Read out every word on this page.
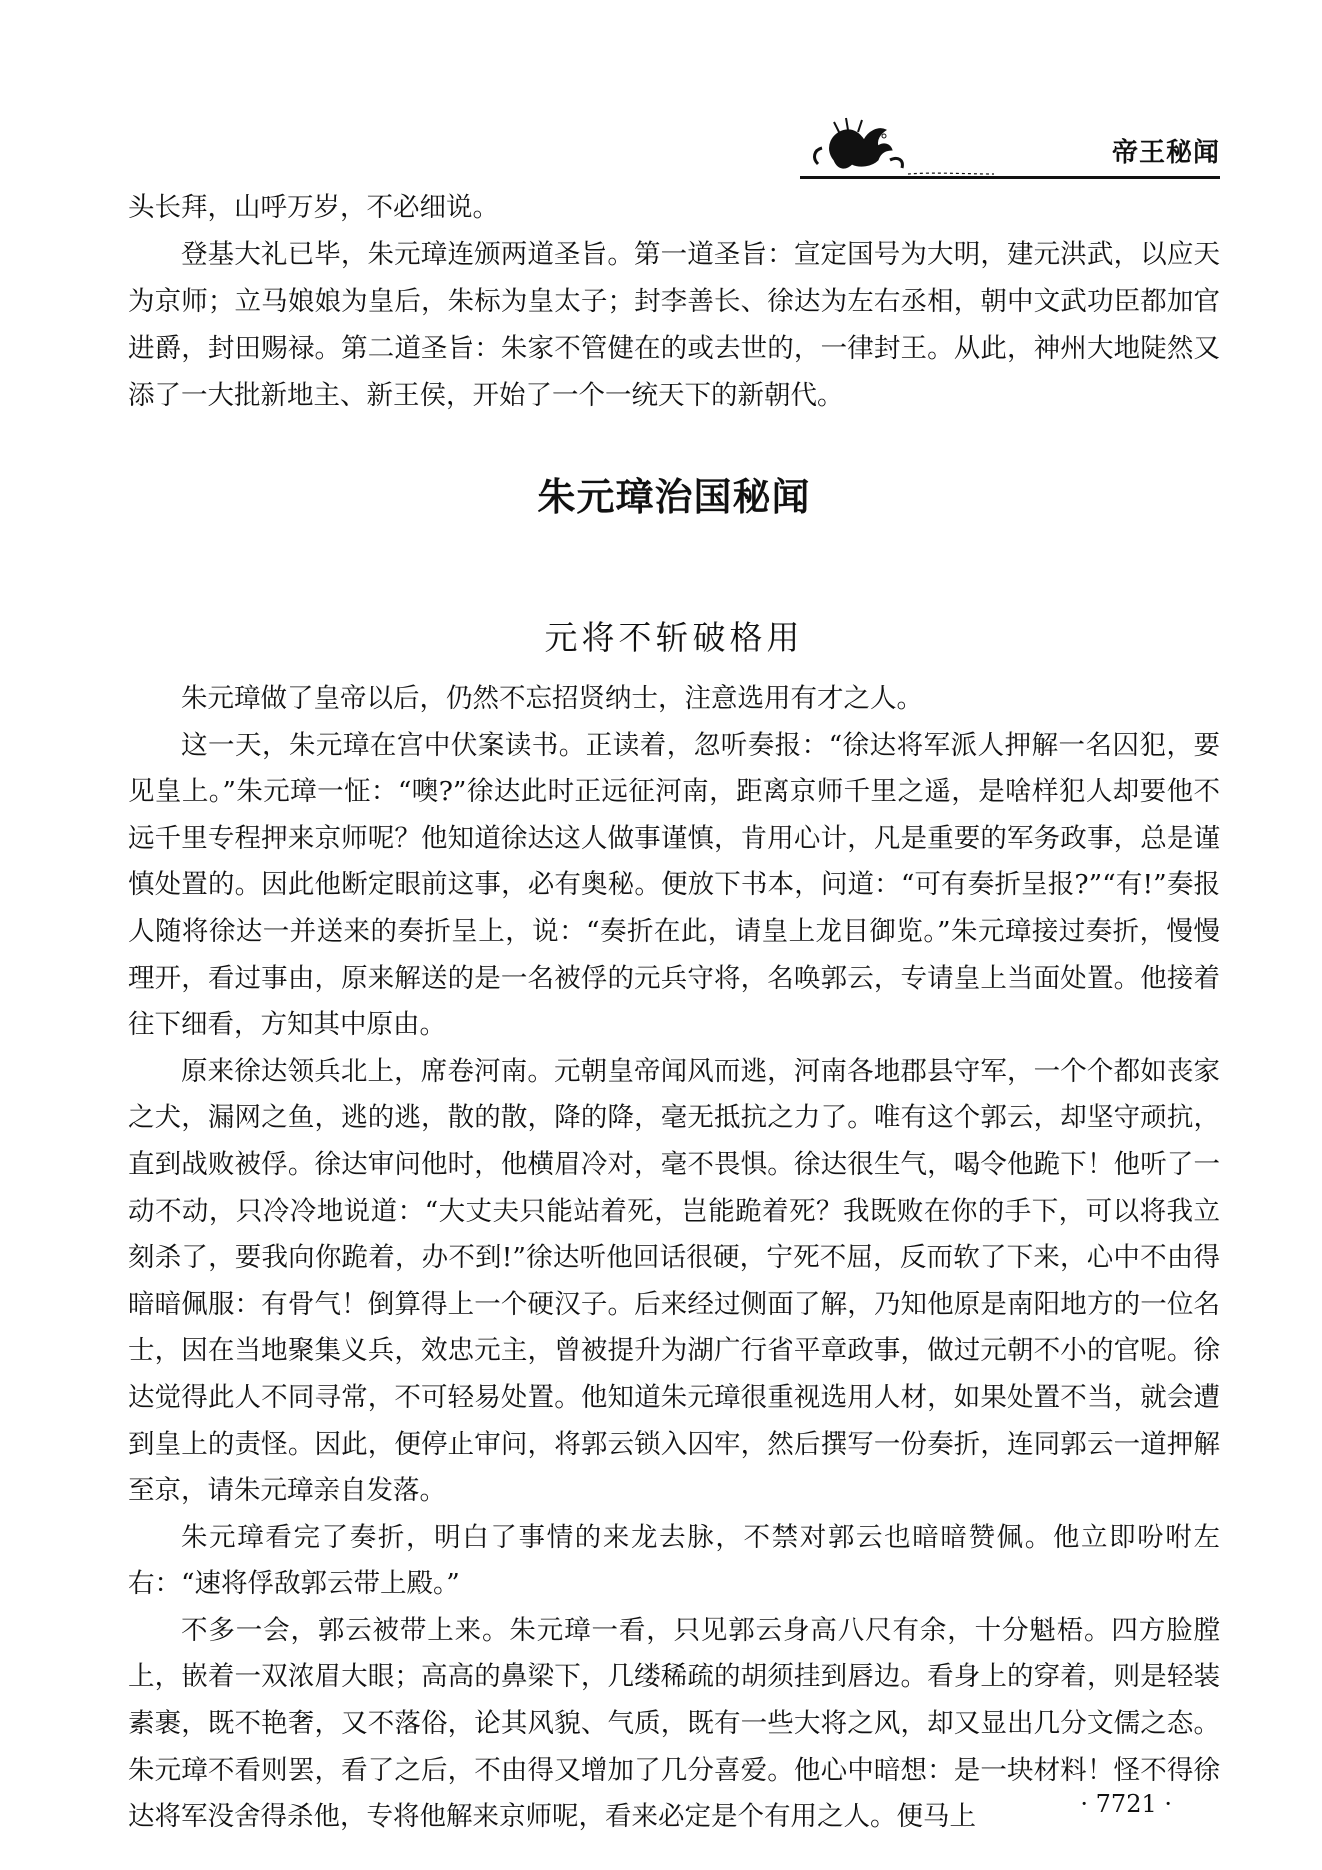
帝王秘闻

头长拜，山呼万岁，不必细说。

登基大礼已毕，朱元璋连颁两道圣旨。第一道圣旨：宣定国号为大明，建元洪武，以应天为京师；立马娘娘为皇后，朱标为皇太子；封李善长、徐达为左右丞相，朝中文武功臣都加官进爵，封田赐禄。第二道圣旨：朱家不管健在的或去世的，一律封王。从此，神州大地陡然又添了一大批新地主、新王侯，开始了一个一统天下的新朝代。

朱元璋治国秘闻
元将不斩破格用

朱元璋做了皇帝以后，仍然不忘招贤纳士，注意选用有才之人。

这一天，朱元璋在宫中伏案读书。正读着，忽听奏报：“徐达将军派人押解一名囚犯，要见皇上。”朱元璋一怔：“噢?”徐达此时正远征河南，距离京师千里之遥，是啥样犯人却要他不远千里专程押来京师呢？他知道徐达这人做事谨慎，肯用心计，凡是重要的军务政事，总是谨慎处置的。因此他断定眼前这事，必有奥秘。便放下书本，问道：“可有奏折呈报?”“有!”奏报人随将徐达一并送来的奏折呈上，说：“奏折在此，请皇上龙目御览。”朱元璋接过奏折，慢慢理开，看过事由，原来解送的是一名被俘的元兵守将，名唤郭云，专请皇上当面处置。他接着往下细看，方知其中原由。

原来徐达领兵北上，席卷河南。元朝皇帝闻风而逃，河南各地郡县守军，一个个都如丧家之犬，漏网之鱼，逃的逃，散的散，降的降，毫无抵抗之力了。唯有这个郭云，却坚守顽抗，直到战败被俘。徐达审问他时，他横眉冷对，毫不畏惧。徐达很生气，喝令他跪下！他听了一动不动，只冷冷地说道：“大丈夫只能站着死，岂能跪着死？我既败在你的手下，可以将我立刻杀了，要我向你跪着，办不到!”徐达听他回话很硬，宁死不屈，反而软了下来，心中不由得暗暗佩服：有骨气！倒算得上一个硬汉子。后来经过侧面了解，乃知他原是南阳地方的一位名士，因在当地聚集义兵，效忠元主，曾被提升为湖广行省平章政事，做过元朝不小的官呢。徐达觉得此人不同寻常，不可轻易处置。他知道朱元璋很重视选用人材，如果处置不当，就会遭到皇上的责怪。因此，便停止审问，将郭云锁入囚牢，然后撰写一份奏折，连同郭云一道押解至京，请朱元璋亲自发落。

朱元璋看完了奏折，明白了事情的来龙去脉，不禁对郭云也暗暗赞佩。他立即吩咐左右：“速将俘敌郭云带上殿。”

不多一会，郭云被带上来。朱元璋一看，只见郭云身高八尺有余，十分魁梧。四方脸膛上，嵌着一双浓眉大眼；高高的鼻梁下，几缕稀疏的胡须挂到唇边。看身上的穿着，则是轻装素裹，既不艳奢，又不落俗，论其风貌、气质，既有一些大将之风，却又显出几分文儒之态。朱元璋不看则罢，看了之后，不由得又增加了几分喜爱。他心中暗想：是一块材料！怪不得徐达将军没舍得杀他，专将他解来京师呢，看来必定是个有用之人。便马上	· 7721 ·
